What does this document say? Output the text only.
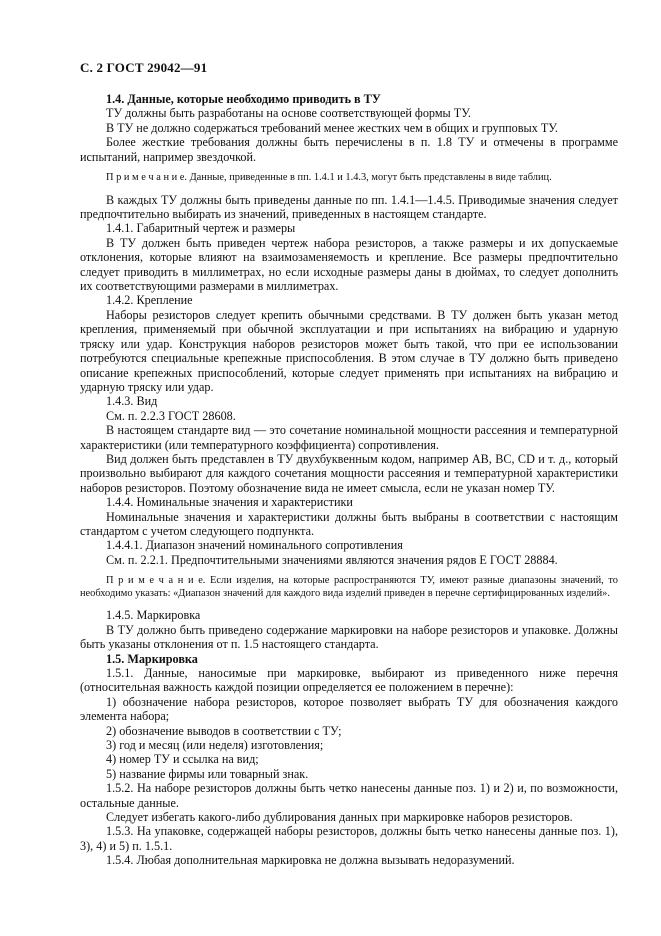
С. 2 ГОСТ 29042—91

1.4. Данные, которые необходимо приводить в ТУ

ТУ должны быть разработаны на основе соответствующей формы ТУ.

В ТУ не должно содержаться требований менее жестких чем в общих и групповых ТУ.

Более жесткие требования должны быть перечислены в п. 1.8 ТУ и отмечены в программе испытаний, например звездочкой.

П р и м е ч а н и е. Данные, приведенные в пп. 1.4.1 и 1.4.3, могут быть представлены в виде таблиц.

В каждых ТУ должны быть приведены данные по пп. 1.4.1—1.4.5. Приводимые значения следует предпочтительно выбирать из значений, приведенных в настоящем стандарте.

1.4.1. Габаритный чертеж и размеры

В ТУ должен быть приведен чертеж набора резисторов, а также размеры и их допускаемые отклонения, которые влияют на взаимозаменяемость и крепление. Все размеры предпочтительно следует приводить в миллиметрах, но если исходные размеры даны в дюймах, то следует дополнить их соответствующими размерами в миллиметрах.

1.4.2. Крепление

Наборы резисторов следует крепить обычными средствами. В ТУ должен быть указан метод крепления, применяемый при обычной эксплуатации и при испытаниях на вибрацию и ударную тряску или удар. Конструкция наборов резисторов может быть такой, что при ее использовании потребуются специальные крепежные приспособления. В этом случае в ТУ должно быть приведено описание крепежных приспособлений, которые следует применять при испытаниях на вибрацию и ударную тряску или удар.

1.4.3. Вид

См. п. 2.2.3 ГОСТ 28608.

В настоящем стандарте вид — это сочетание номинальной мощности рассеяния и температурной характеристики (или температурного коэффициента) сопротивления.

Вид должен быть представлен в ТУ двухбуквенным кодом, например АВ, ВС, CD и т. д., который произвольно выбирают для каждого сочетания мощности рассеяния и температурной характеристики наборов резисторов. Поэтому обозначение вида не имеет смысла, если не указан номер ТУ.

1.4.4. Номинальные значения и характеристики

Номинальные значения и характеристики должны быть выбраны в соответствии с настоящим стандартом с учетом следующего подпункта.

1.4.4.1. Диапазон значений номинального сопротивления

См. п. 2.2.1. Предпочтительными значениями являются значения рядов Е ГОСТ 28884.

П р и м е ч а н и е. Если изделия, на которые распространяются ТУ, имеют разные диапазоны значений, то необходимо указать: «Диапазон значений для каждого вида изделий приведен в перечне сертифицированных изделий».

1.4.5. Маркировка

В ТУ должно быть приведено содержание маркировки на наборе резисторов и упаковке. Должны быть указаны отклонения от п. 1.5 настоящего стандарта.

1.5. Маркировка

1.5.1. Данные, наносимые при маркировке, выбирают из приведенного ниже перечня (относительная важность каждой позиции определяется ее положением в перечне):

1) обозначение набора резисторов, которое позволяет выбрать ТУ для обозначения каждого элемента набора;

2) обозначение выводов в соответствии с ТУ;

3) год и месяц (или неделя) изготовления;

4) номер ТУ и ссылка на вид;

5) название фирмы или товарный знак.

1.5.2. На наборе резисторов должны быть четко нанесены данные поз. 1) и 2) и, по возможности, остальные данные.

Следует избегать какого-либо дублирования данных при маркировке наборов резисторов.

1.5.3. На упаковке, содержащей наборы резисторов, должны быть четко нанесены данные поз. 1), 3), 4) и 5) п. 1.5.1.

1.5.4. Любая дополнительная маркировка не должна вызывать недоразумений.
